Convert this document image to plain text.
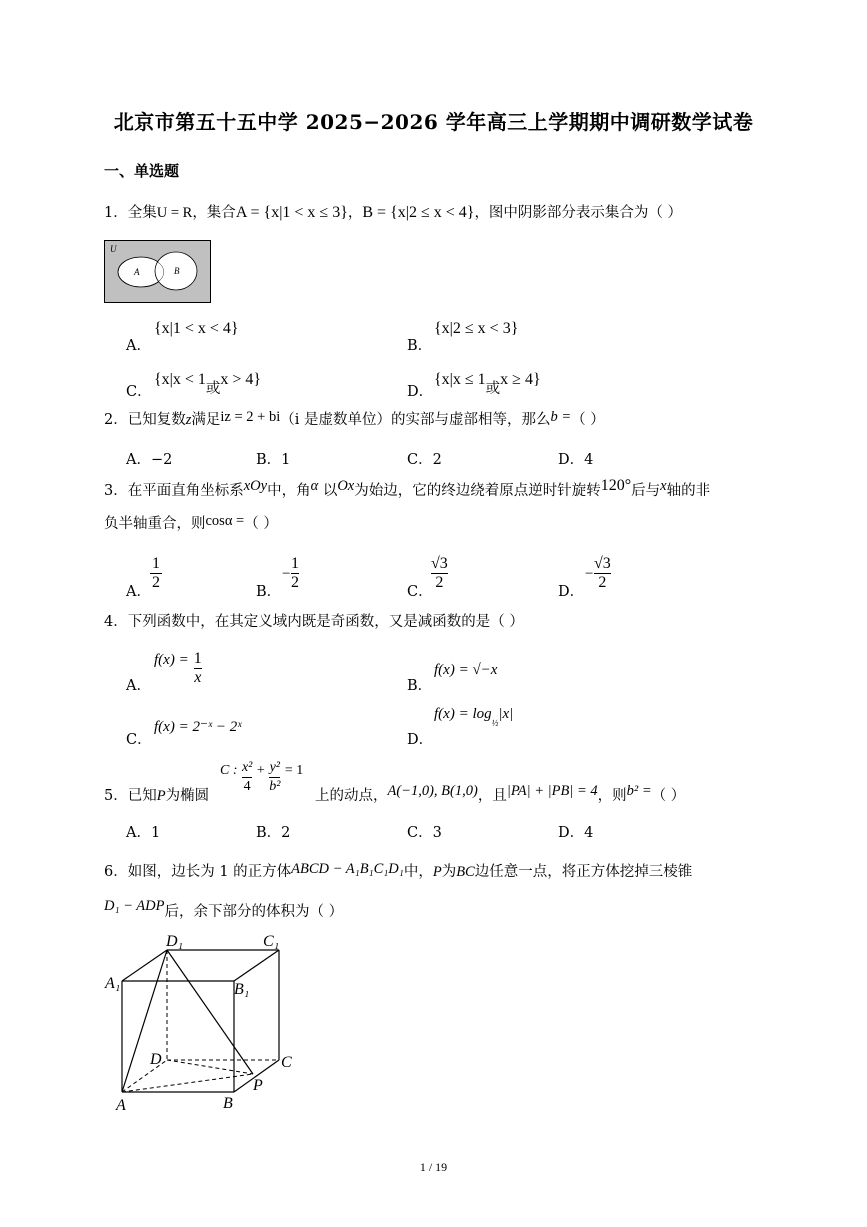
北京市第五十五中学 2025−2026 学年高三上学期期中调研数学试卷
一、单选题
1．全集U = R，集合A = {x|1 < x ≤ 3}，B = {x|2 ≤ x < 4}，图中阴影部分表示集合为（ ）
U
A	B
A．
{x|1 < x < 4}
B．
{x|2 ≤ x < 3}
C．
{x|x < 1或x > 4}
D．
{x|x ≤ 1或x ≥ 4}
2．已知复数z满足iz = 2 + bi（i 是虚数单位）的实部与虚部相等，那么b =（ ）
A．−2	B．1	C．2	D．4
3．在平面直角坐标系xOy中，角α 以Ox为始边，它的终边绕着原点逆时针旋转120°后与x轴的非
负半轴重合，则cosα =（ ）
A． $\frac{1}{2}$	B．
− $\frac{1}{2}$	C．
$\frac{√3}{2}$	D．
− $\frac{√3}{2}$
4．下列函数中，在其定义域内既是奇函数，又是减函数的是（ ）
A．
$f(x) = \frac{1}{x}$	B．
f(x) = √−x
C．
f(x) = 2⁻ˣ − 2ˣ
D．
$f(x) = \log_{\frac{1}{2}}|x|$
5．已知P为椭圆
C : $\frac{\text{x²}}{4} + \frac{\text{y²}}{\text{b²}} = 1$
上的动点，A(−1,0), B(1,0)，且|PA| + |PB| = 4，则b² =（ ）
A．1	B．2	C．3	D．4
6．如图，边长为 1 的正方体ABCD − A₁B₁C₁D₁中，P为BC边任意一点，将正方体挖掉三棱锥
D₁ − ADP后，余下部分的体积为（ ）
D₁	C₁
A₁	B₁
D	C
P
A	B
1 / 19
